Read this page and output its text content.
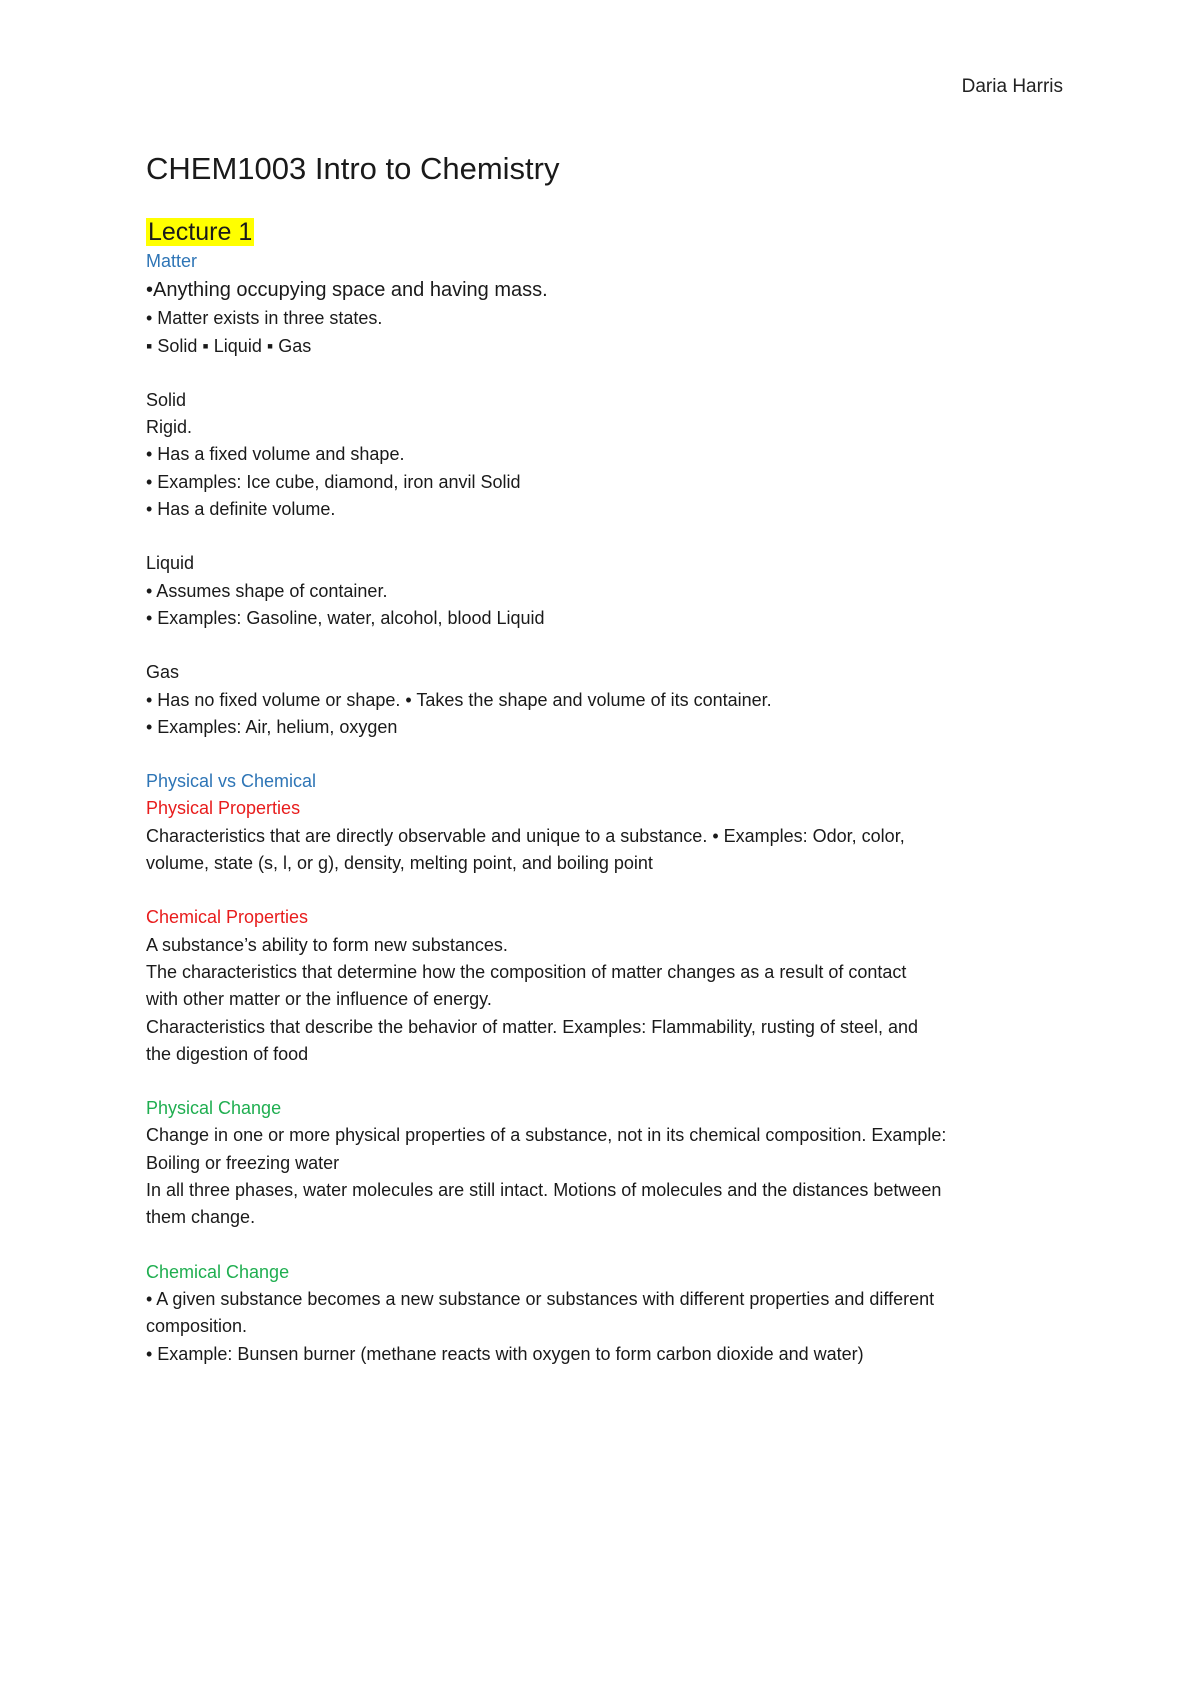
Daria Harris
CHEM1003 Intro to Chemistry
Lecture 1

Matter

•Anything occupying space and having mass.

• Matter exists in three states.

▪ Solid ▪ Liquid ▪ Gas

Solid

Rigid.

• Has a fixed volume and shape.

• Examples: Ice cube, diamond, iron anvil Solid

• Has a definite volume.

Liquid

• Assumes shape of container.

• Examples: Gasoline, water, alcohol, blood Liquid

Gas

• Has no fixed volume or shape. • Takes the shape and volume of its container.

• Examples: Air, helium, oxygen

Physical vs Chemical

Physical Properties

Characteristics that are directly observable and unique to a substance. • Examples: Odor, color,

volume, state (s, l, or g), density, melting point, and boiling point

Chemical Properties

A substance’s ability to form new substances.

The characteristics that determine how the composition of matter changes as a result of contact

with other matter or the influence of energy.

Characteristics that describe the behavior of matter. Examples: Flammability, rusting of steel, and

the digestion of food

Physical Change

Change in one or more physical properties of a substance, not in its chemical composition. Example:

Boiling or freezing water

In all three phases, water molecules are still intact. Motions of molecules and the distances between

them change.

Chemical Change

• A given substance becomes a new substance or substances with different properties and different

composition.

• Example: Bunsen burner (methane reacts with oxygen to form carbon dioxide and water)
